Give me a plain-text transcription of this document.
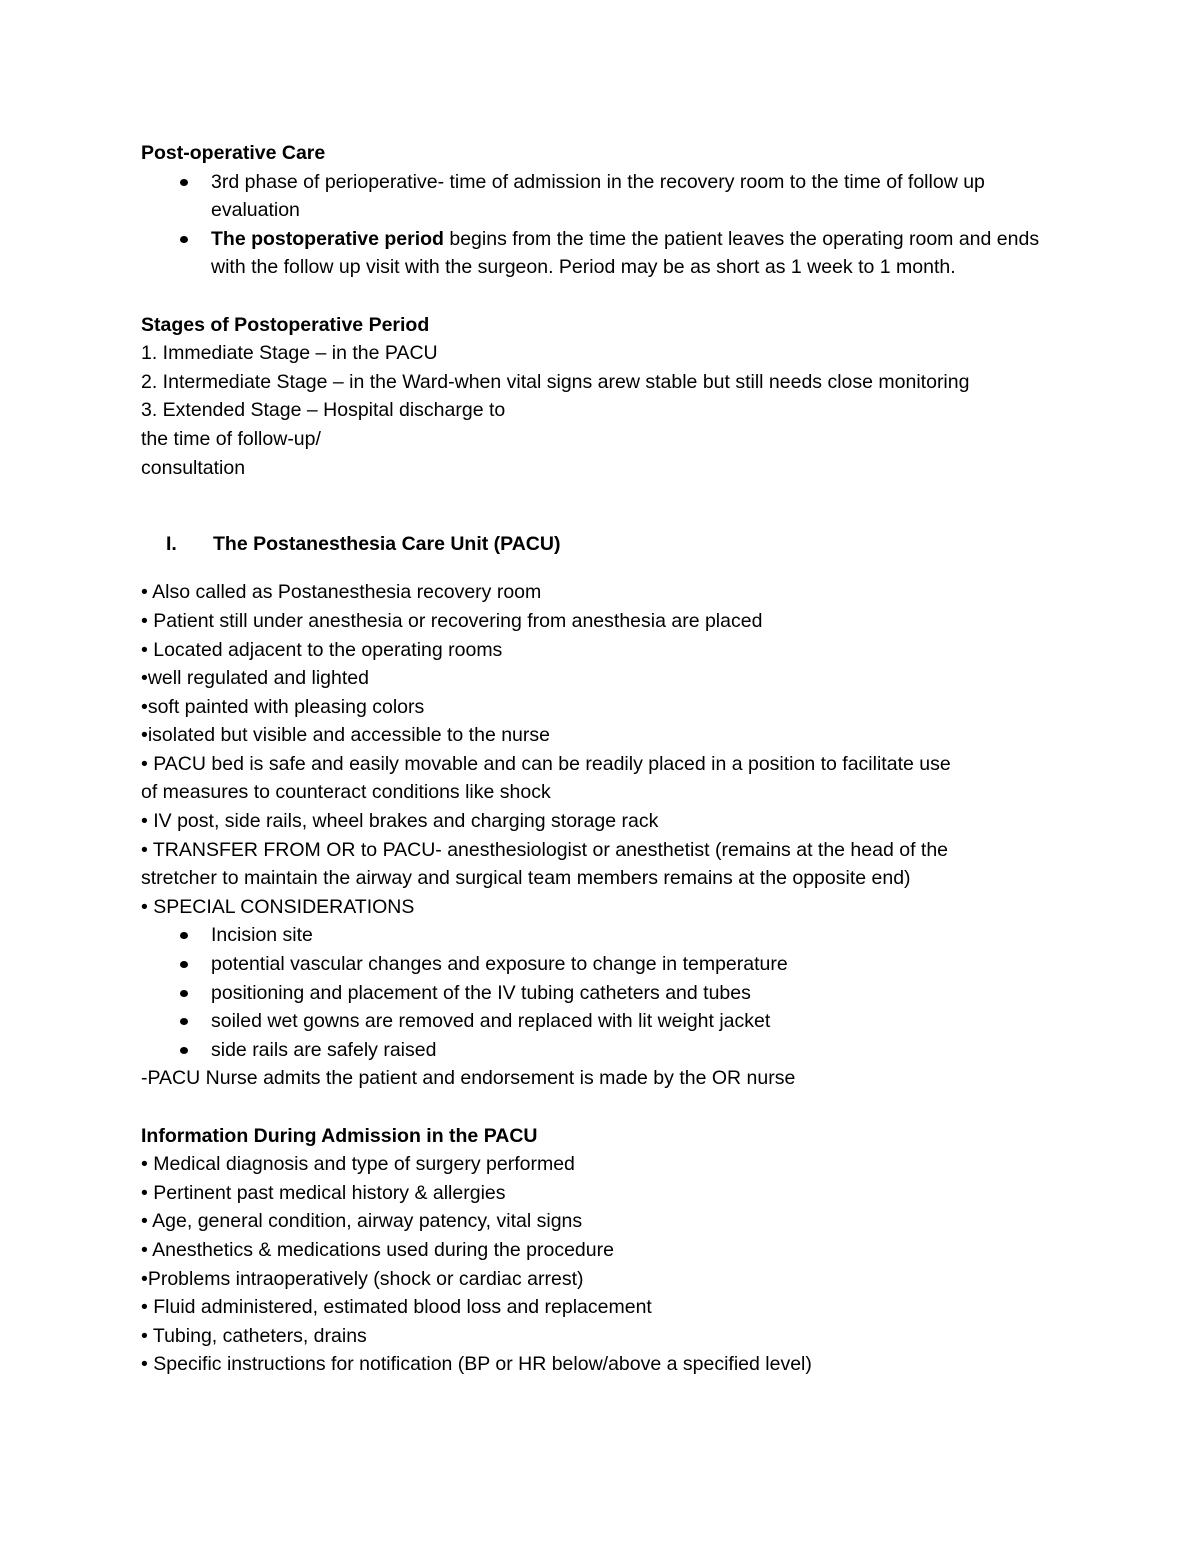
Post-operative Care

3rd phase of perioperative- time of admission in the recovery room to the time of follow up evaluation
The postoperative period begins from the time the patient leaves the operating room and ends with the follow up visit with the surgeon. Period may be as short as 1 week to 1 month.

Stages of Postoperative Period

1. Immediate Stage – in the PACU

2. Intermediate Stage – in the Ward-when vital signs arew stable but still needs close monitoring

3. Extended Stage – Hospital discharge to

the time of follow-up/

consultation

I. The Postanesthesia Care Unit (PACU)

• Also called as Postanesthesia recovery room

• Patient still under anesthesia or recovering from anesthesia are placed

• Located adjacent to the operating rooms

•well regulated and lighted

•soft painted with pleasing colors

•isolated but visible and accessible to the nurse

• PACU bed is safe and easily movable and can be readily placed in a position to facilitate use

of measures to counteract conditions like shock

• IV post, side rails, wheel brakes and charging storage rack

• TRANSFER FROM OR to PACU- anesthesiologist or anesthetist (remains at the head of the

stretcher to maintain the airway and surgical team members remains at the opposite end)

• SPECIAL CONSIDERATIONS

Incision site
potential vascular changes and exposure to change in temperature
positioning and placement of the IV tubing catheters and tubes
soiled wet gowns are removed and replaced with lit weight jacket
side rails are safely raised

-PACU Nurse admits the patient and endorsement is made by the OR nurse

Information During Admission in the PACU

• Medical diagnosis and type of surgery performed

• Pertinent past medical history & allergies

• Age, general condition, airway patency, vital signs

• Anesthetics & medications used during the procedure

•Problems intraoperatively (shock or cardiac arrest)

• Fluid administered, estimated blood loss and replacement

• Tubing, catheters, drains

• Specific instructions for notification (BP or HR below/above a specified level)
